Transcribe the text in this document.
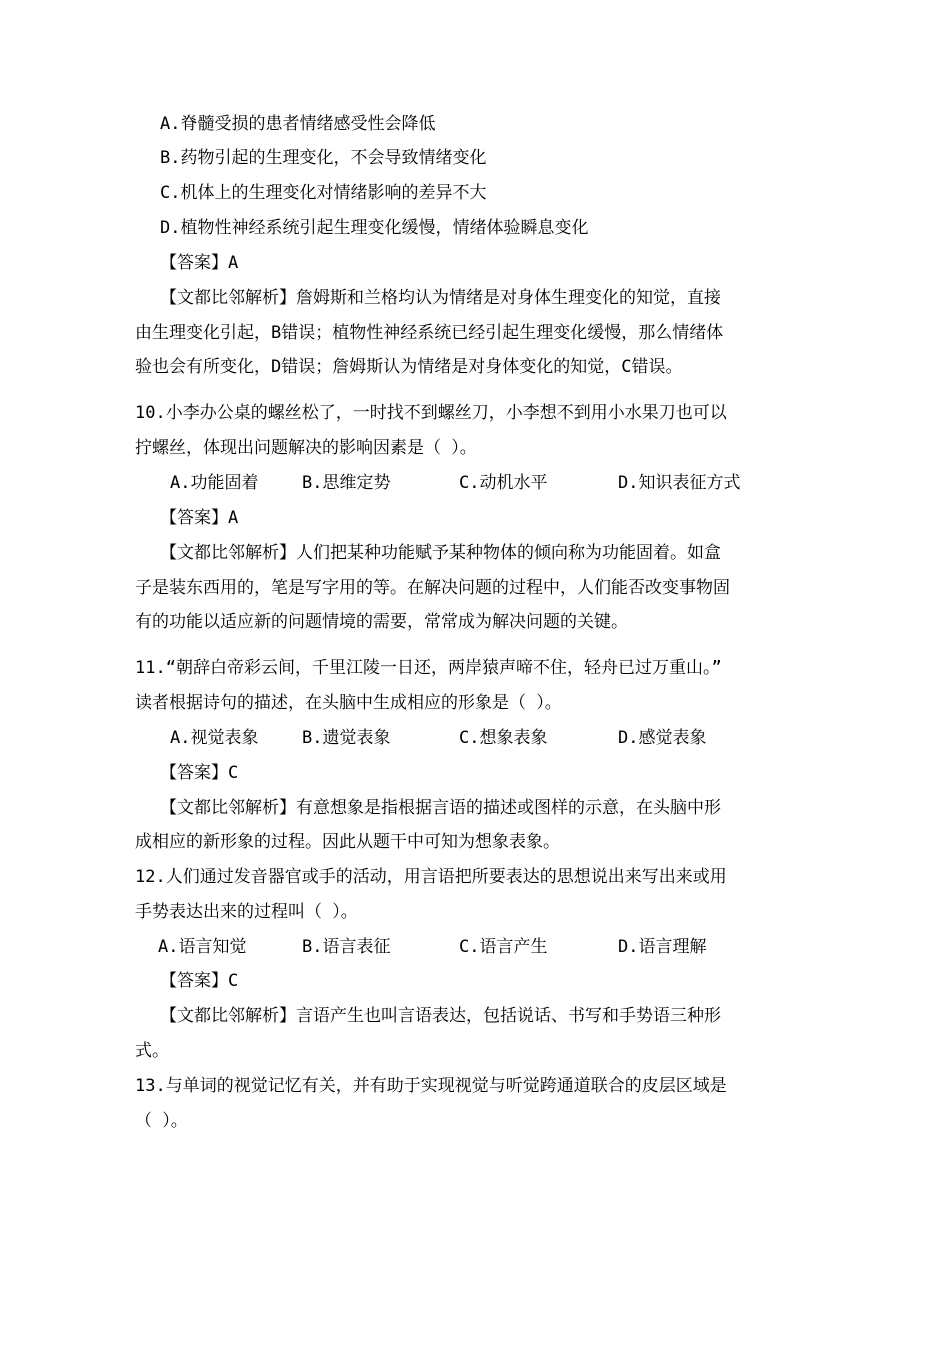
A.脊髓受损的患者情绪感受性会降低
B.药物引起的生理变化，不会导致情绪变化
C.机体上的生理变化对情绪影响的差异不大
D.植物性神经系统引起生理变化缓慢，情绪体验瞬息变化
【答案】A
【文都比邻解析】詹姆斯和兰格均认为情绪是对身体生理变化的知觉，直接
由生理变化引起，B错误；植物性神经系统已经引起生理变化缓慢，那么情绪体
验也会有所变化，D错误；詹姆斯认为情绪是对身体变化的知觉，C错误。
10.小李办公桌的螺丝松了，一时找不到螺丝刀，小李想不到用小水果刀也可以
拧螺丝，体现出问题解决的影响因素是（ ）。
A.功能固着	B.思维定势	C.动机水平	D.知识表征方式
【答案】A
【文都比邻解析】人们把某种功能赋予某种物体的倾向称为功能固着。如盒
子是装东西用的，笔是写字用的等。在解决问题的过程中，人们能否改变事物固
有的功能以适应新的问题情境的需要，常常成为解决问题的关键。
11.“朝辞白帝彩云间，千里江陵一日还，两岸猿声啼不住，轻舟已过万重山。”
读者根据诗句的描述，在头脑中生成相应的形象是（ ）。
A.视觉表象	B.遗觉表象	C.想象表象	D.感觉表象
【答案】C
【文都比邻解析】有意想象是指根据言语的描述或图样的示意，在头脑中形
成相应的新形象的过程。因此从题干中可知为想象表象。
12.人们通过发音器官或手的活动，用言语把所要表达的思想说出来写出来或用
手势表达出来的过程叫（ ）。
A.语言知觉	B.语言表征	C.语言产生	D.语言理解
【答案】C
【文都比邻解析】言语产生也叫言语表达，包括说话、书写和手势语三种形
式。
13.与单词的视觉记忆有关，并有助于实现视觉与听觉跨通道联合的皮层区域是
（ ）。
